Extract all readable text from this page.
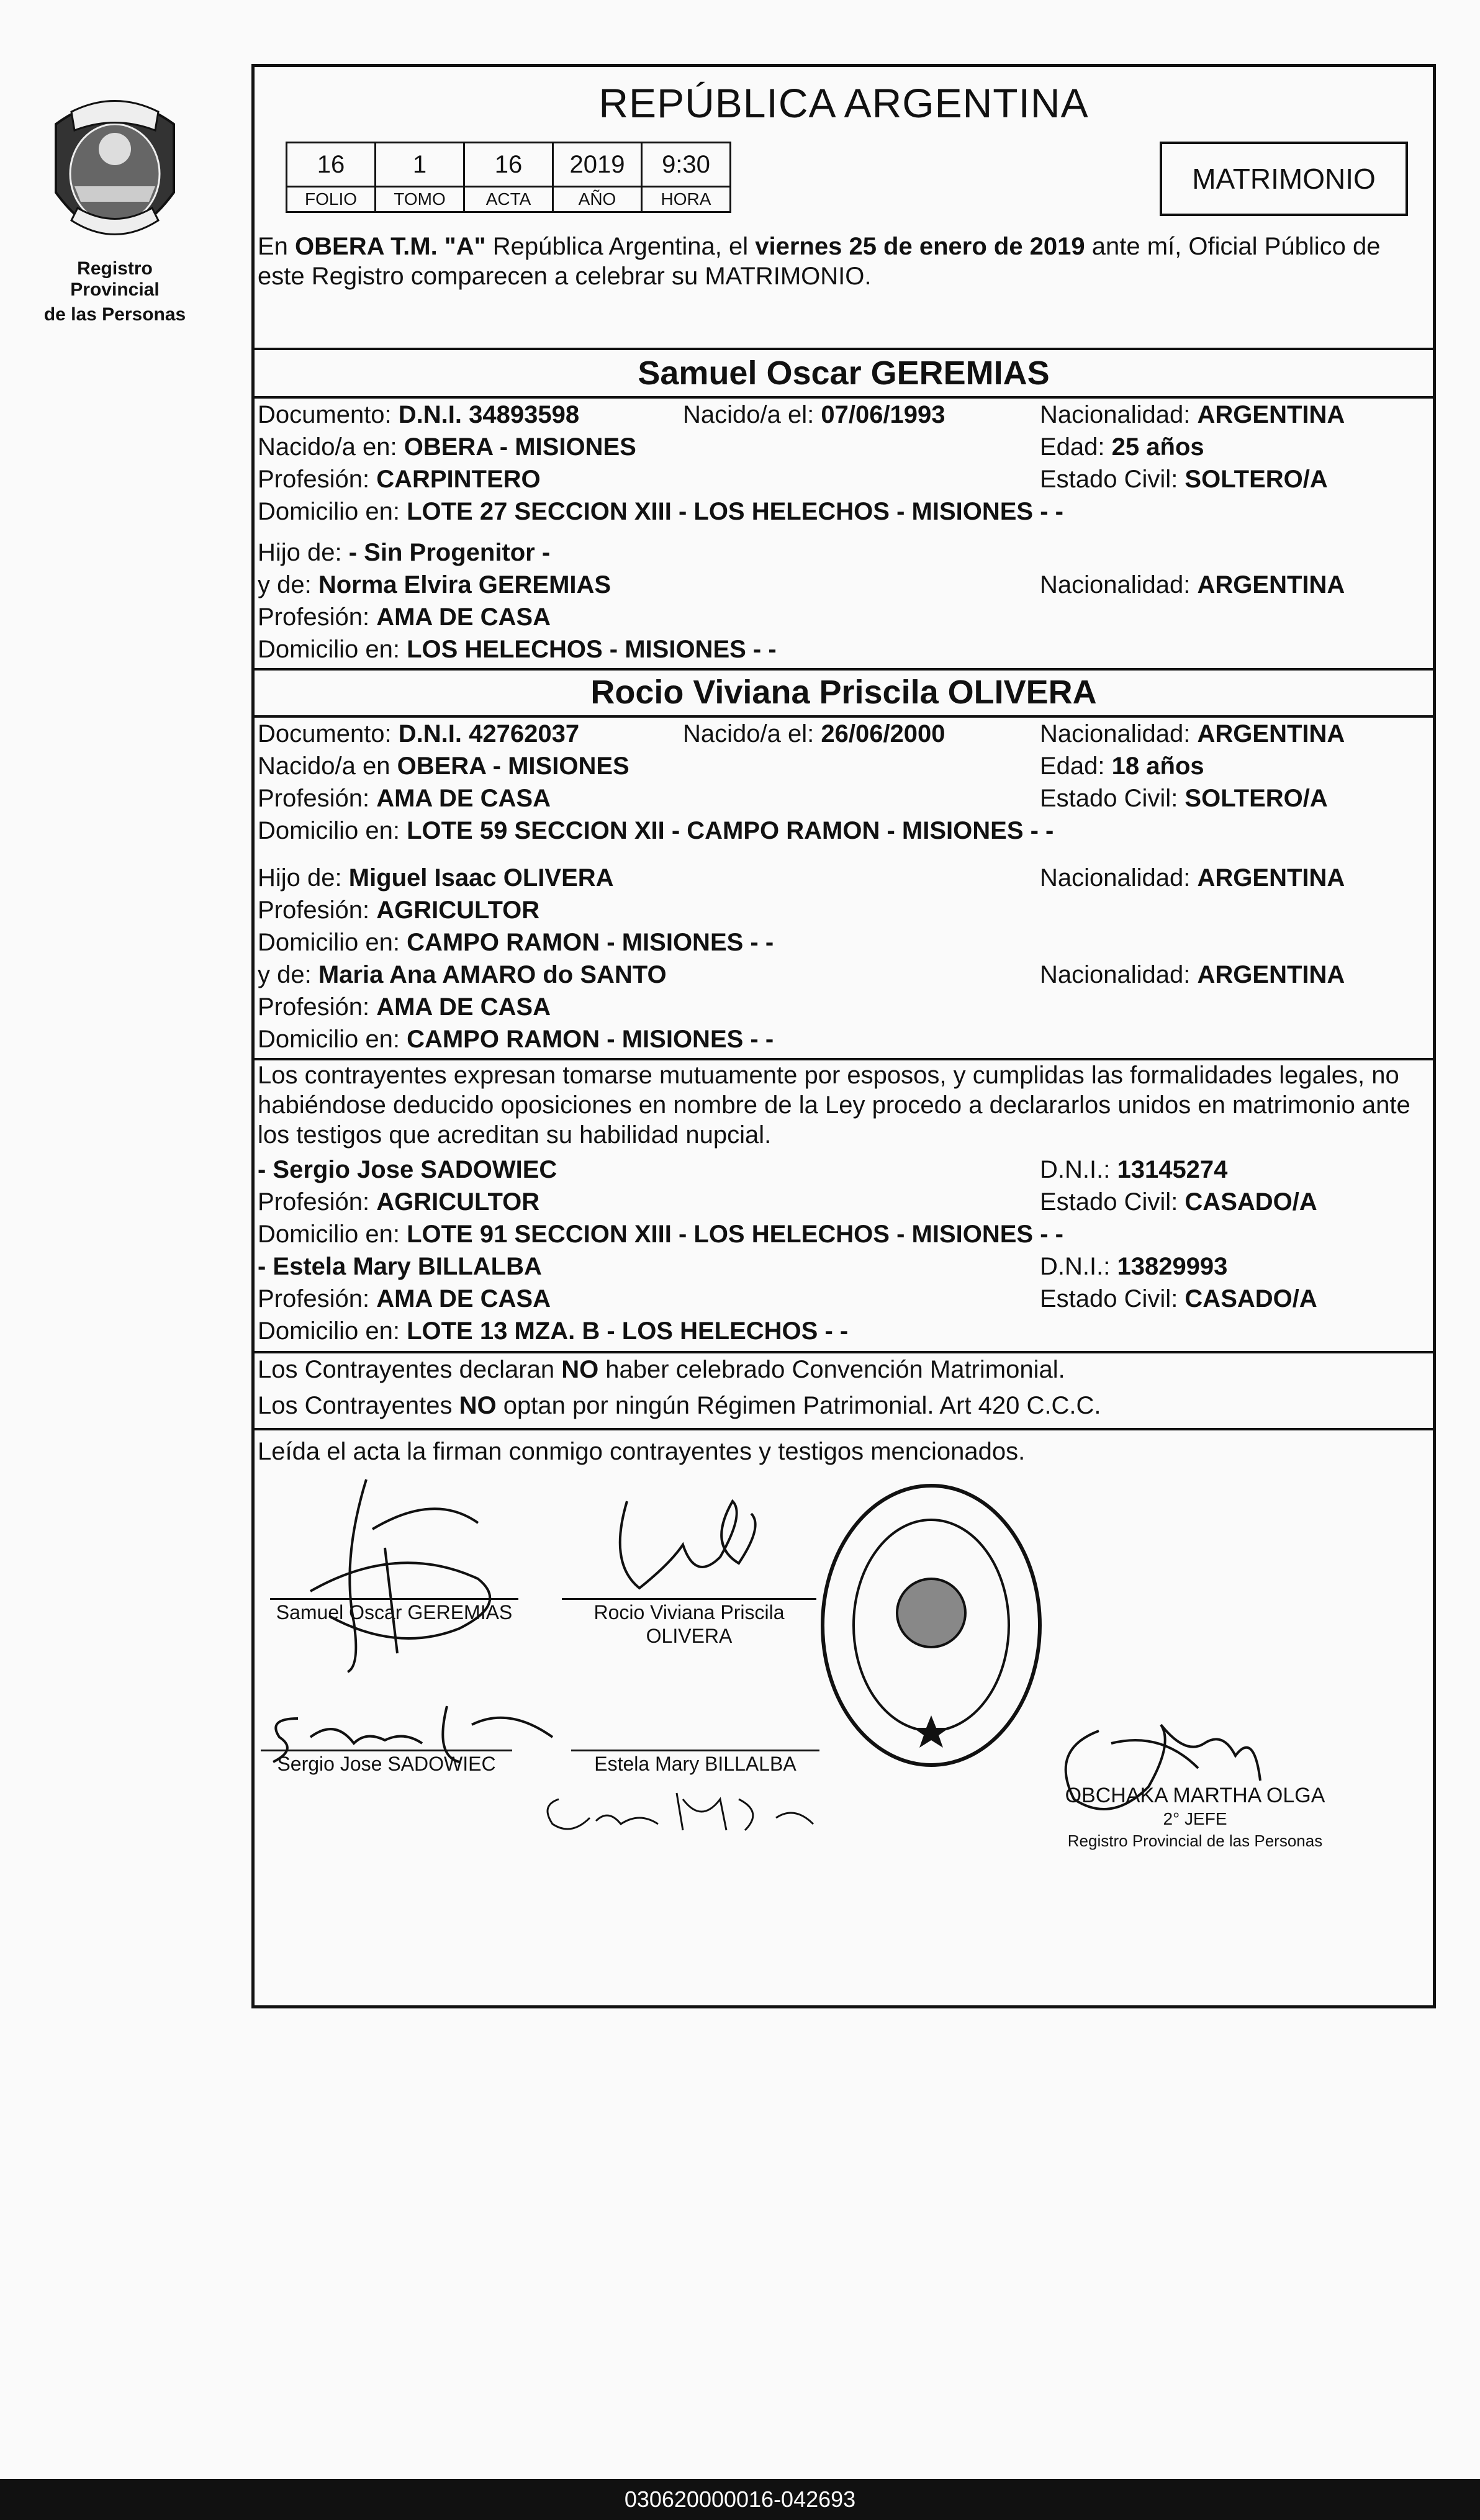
Registro Provincial
de las Personas
REPÚBLICA ARGENTINA
16	1	16	2019	9:30
FOLIO	TOMO	ACTA	AÑO	HORA
MATRIMONIO
En OBERA T.M. "A" República Argentina, el viernes 25 de enero de 2019 ante mí, Oficial Público de este Registro comparecen a celebrar su MATRIMONIO.
Samuel Oscar GEREMIAS
Documento: D.N.I. 34893598	Nacido/a el: 07/06/1993	Nacionalidad: ARGENTINA
Nacido/a en: OBERA - MISIONES	Edad: 25 años
Profesión: CARPINTERO	Estado Civil: SOLTERO/A
Domicilio en: LOTE 27 SECCION XIII - LOS HELECHOS - MISIONES - -
Hijo de: - Sin Progenitor -
y de: Norma Elvira GEREMIAS	Nacionalidad: ARGENTINA
Profesión: AMA DE CASA
Domicilio en: LOS HELECHOS - MISIONES - -
Rocio Viviana Priscila OLIVERA
Documento: D.N.I. 42762037	Nacido/a el: 26/06/2000	Nacionalidad: ARGENTINA
Nacido/a en OBERA - MISIONES	Edad: 18 años
Profesión: AMA DE CASA	Estado Civil: SOLTERO/A
Domicilio en: LOTE 59 SECCION XII - CAMPO RAMON - MISIONES - -
Hijo de: Miguel Isaac OLIVERA	Nacionalidad: ARGENTINA
Profesión: AGRICULTOR
Domicilio en: CAMPO RAMON - MISIONES - -
y de: Maria Ana AMARO do SANTO	Nacionalidad: ARGENTINA
Profesión: AMA DE CASA
Domicilio en: CAMPO RAMON - MISIONES - -
Los contrayentes expresan tomarse mutuamente por esposos, y cumplidas las formalidades legales, no habiéndose deducido oposiciones en nombre de la Ley procedo a declararlos unidos en matrimonio ante los testigos que acreditan su habilidad nupcial.
- Sergio Jose SADOWIEC	D.N.I.: 13145274
Profesión: AGRICULTOR	Estado Civil: CASADO/A
Domicilio en: LOTE 91 SECCION XIII - LOS HELECHOS - MISIONES - -
- Estela Mary BILLALBA	D.N.I.: 13829993
Profesión: AMA DE CASA	Estado Civil: CASADO/A
Domicilio en: LOTE 13 MZA. B - LOS HELECHOS - -
Los Contrayentes declaran NO haber celebrado Convención Matrimonial.
Los Contrayentes NO optan por ningún Régimen Patrimonial. Art 420 C.C.C.
Leída el acta la firman conmigo contrayentes y testigos mencionados.
Samuel Oscar GEREMIAS	Rocio Viviana Priscila
OLIVERA
Sergio Jose SADOWIEC	Estela Mary BILLALBA
OBCHAKA MARTHA OLGA
2° JEFE
Registro Provincial de las Personas
030620000016-042693
